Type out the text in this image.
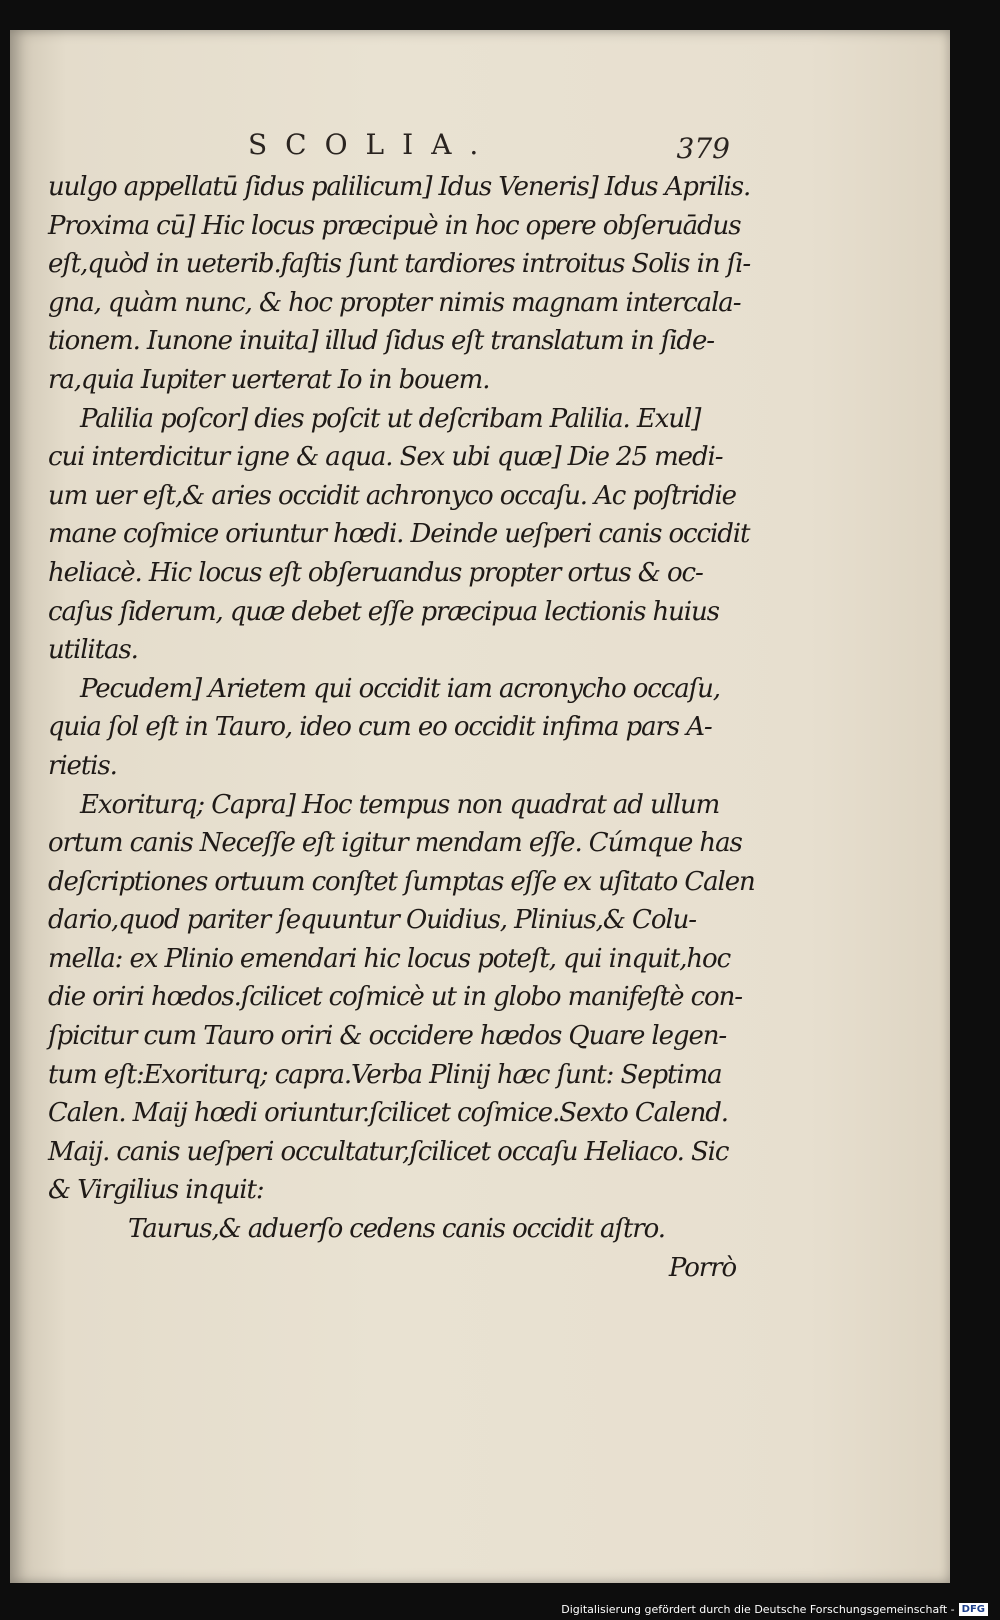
SCOLIA.	379
uulgo appellatū ſidus palilicum] Idus Veneris] Idus Aprilis.
Proxima cū] Hic locus præcipuè in hoc opere obſeruādus
eſt,quòd in ueterib.faſtis ſunt tardiores introitus Solis in ſi-
gna, quàm nunc, & hoc propter nimis magnam intercala-
tionem. Iunone inuita] illud ſidus eſt translatum in ſide-
ra,quia Iupiter uerterat Io in bouem.
Palilia poſcor] dies poſcit ut deſcribam Palilia. Exul]
cui interdicitur igne & aqua. Sex ubi quæ] Die 25 medi-
um uer eſt,& aries occidit achronyco occaſu. Ac poſtridie
mane coſmice oriuntur hœdi. Deinde ueſperi canis occidit
heliacè. Hic locus eſt obſeruandus propter ortus & oc-
caſus ſiderum, quæ debet eſſe præcipua lectionis huius
utilitas.
Pecudem] Arietem qui occidit iam acronycho occaſu,
quia ſol eſt in Tauro, ideo cum eo occidit infima pars A-
rietis.
Exoriturq; Capra] Hoc tempus non quadrat ad ullum
ortum canis Neceſſe eſt igitur mendam eſſe. Cúmque has
deſcriptiones ortuum conſtet ſumptas eſſe ex uſitato Calen
dario,quod pariter ſequuntur Ouidius, Plinius,& Colu-
mella: ex Plinio emendari hic locus poteſt, qui inquit,hoc
die oriri hœdos.ſcilicet coſmicè ut in globo manifeſtè con-
ſpicitur cum Tauro oriri & occidere hædos Quare legen-
tum eſt:Exoriturq; capra.Verba Plinij hæc ſunt: Septima
Calen. Maij hœdi oriuntur.ſcilicet coſmice.Sexto Calend.
Maij. canis ueſperi occultatur,ſcilicet occaſu Heliaco. Sic
& Virgilius inquit:
Taurus,& aduerſo cedens canis occidit aſtro.
Porrò
Digitalisierung gefördert durch die Deutsche Forschungsgemeinschaft - DFG
